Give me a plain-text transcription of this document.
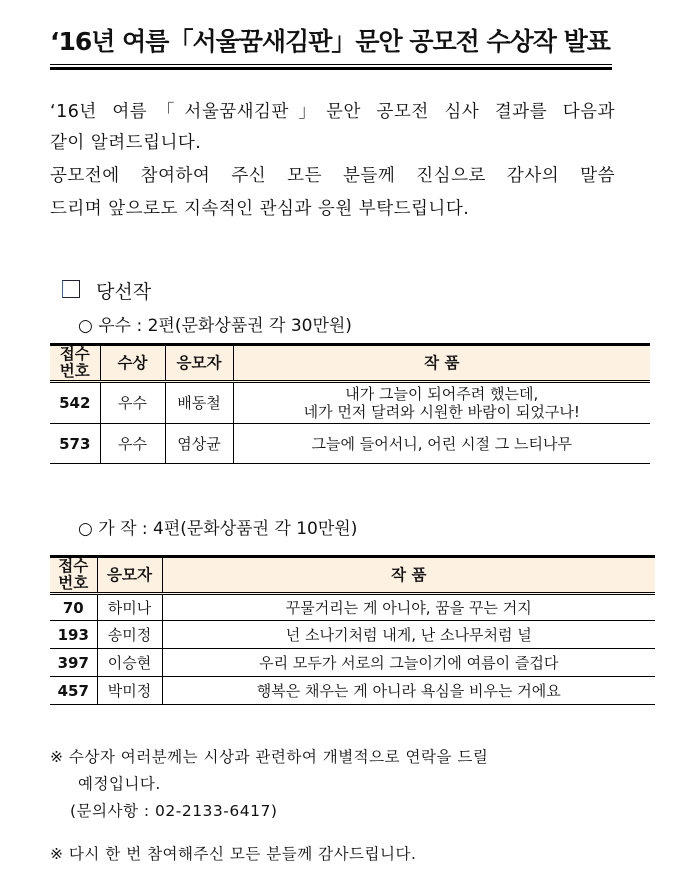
‘16년 여름「서울꿈새김판」문안 공모전 수상작 발표
‘16년 여름「서울꿈새김판」문안 공모전 심사 결과를 다음과
같이 알려드립니다.
공모전에 참여하여 주신 모든 분들께 진심으로 감사의 말씀
드리며 앞으로도 지속적인 관심과 응원 부탁드립니다.
당선작
○ 우수 : 2편(문화상품권 각 30만원)
접수
번호	수상	응모자	작 품
542	우수	배동철	내가 그늘이 되어주려 했는데,
네가 먼저 달려와 시원한 바람이 되었구나!

573	우수	염상균	그늘에 들어서니, 어린 시절 그 느티나무
○ 가 작 : 4편(문화상품권 각 10만원)
접수
번호	응모자	작 품
70	하미나	꾸물거리는 게 아니야, 꿈을 꾸는 거지
193	송미정	넌 소나기처럼 내게, 난 소나무처럼 널
397	이승현	우리 모두가 서로의 그늘이기에 여름이 즐겁다
457	박미정	행복은 채우는 게 아니라 욕심을 비우는 거에요
※ 수상자 여러분께는 시상과 관련하여 개별적으로 연락을 드릴
예정입니다.
(문의사항 : 02-2133-6417)
※ 다시 한 번 참여해주신 모든 분들께 감사드립니다.
